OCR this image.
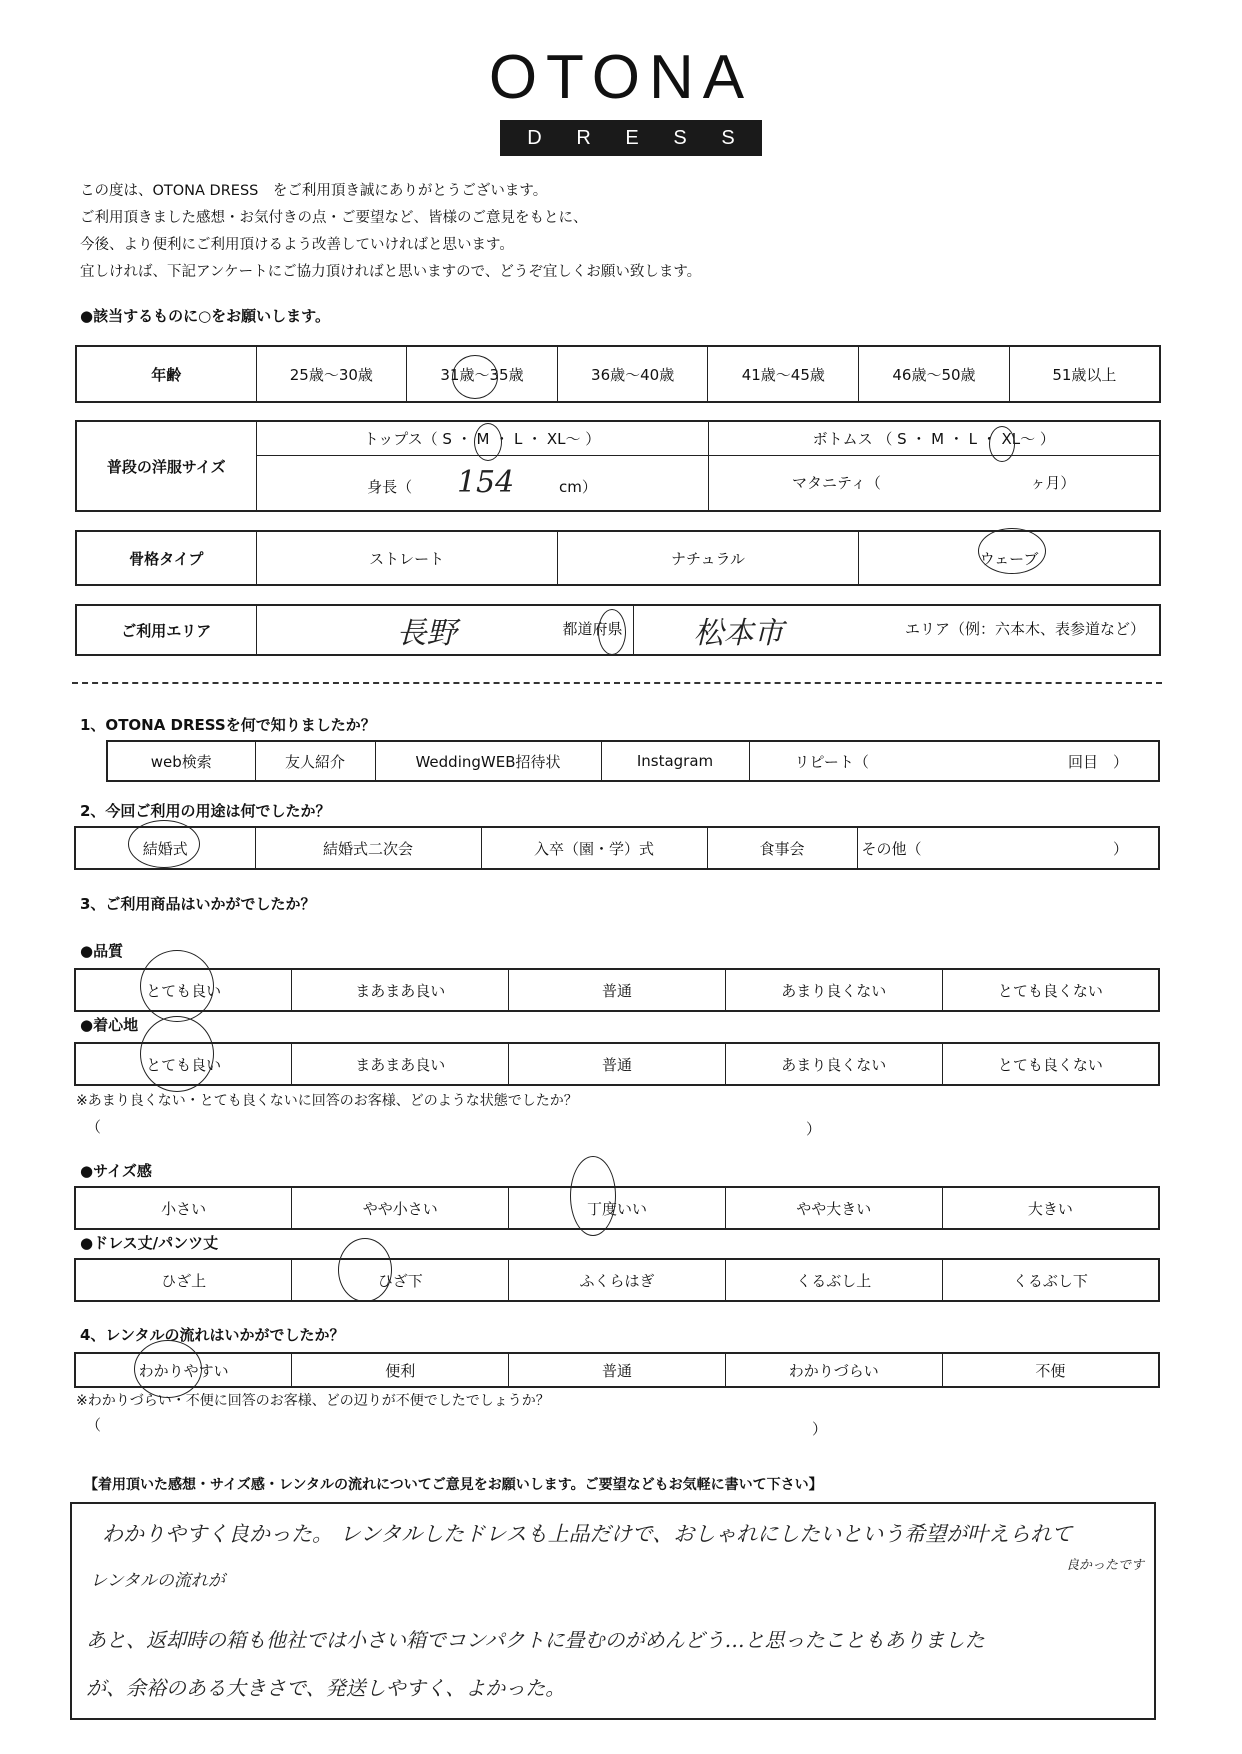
OTONA
D R E S S
この度は、OTONA DRESS　をご利用頂き誠にありがとうございます。
ご利用頂きました感想・お気付きの点・ご要望など、皆様のご意見をもとに、
今後、より便利にご利用頂けるよう改善していければと思います。
宜しければ、下記アンケートにご協力頂ければと思いますので、どうぞ宜しくお願い致します。
●該当するものに○をお願いします。
年齢	25歳～30歳	31歳～35歳	36歳～40歳	41歳～45歳	46歳～50歳	51歳以上
普段の洋服サイズ	トップス（ S ・ M ・ L ・ XL～ ）	ボトムス （ S ・ M ・ L ・ XL～ ）
	身長（ 154 cm）	マタニティ（ ヶ月）
骨格タイプ	ストレート	ナチュラル	ウェーブ
ご利用エリア	長野	都道府県	松本市	エリア（例：六本木、表参道など）
1、OTONA DRESSを何で知りましたか？
web検索	友人紹介	WeddingWEB招待状	Instagram	リピート（	回目　）
2、今回ご利用の用途は何でしたか？
結婚式	結婚式二次会	入卒（園・学）式	食事会	その他（	）
3、ご利用商品はいかがでしたか？
●品質
とても良い	まあまあ良い	普通	あまり良くない	とても良くない
●着心地
とても良い	まあまあ良い	普通	あまり良くない	とても良くない
※あまり良くない・とても良くないに回答のお客様、どのような状態でしたか？
（	）
●サイズ感
小さい	やや小さい	丁度いい	やや大きい	大きい
●ドレス丈/パンツ丈
ひざ上	ひざ下	ふくらはぎ	くるぶし上	くるぶし下
4、レンタルの流れはいかがでしたか？
わかりやすい	便利	普通	わかりづらい	不便
※わかりづらい・不便に回答のお客様、どの辺りが不便でしたでしょうか？
（	）
【着用頂いた感想・サイズ感・レンタルの流れについてご意見をお願いします。ご要望などもお気軽に書いて下さい】
わかりやすく良かった。 レンタルしたドレスも上品だけで、おしゃれにしたいという希望が叶えられて
良かったです
レンタルの流れが
あと、返却時の箱も他社では小さい箱でコンパクトに畳むのがめんどう…と思ったこともありました
が、余裕のある大きさで、発送しやすく、よかった。
